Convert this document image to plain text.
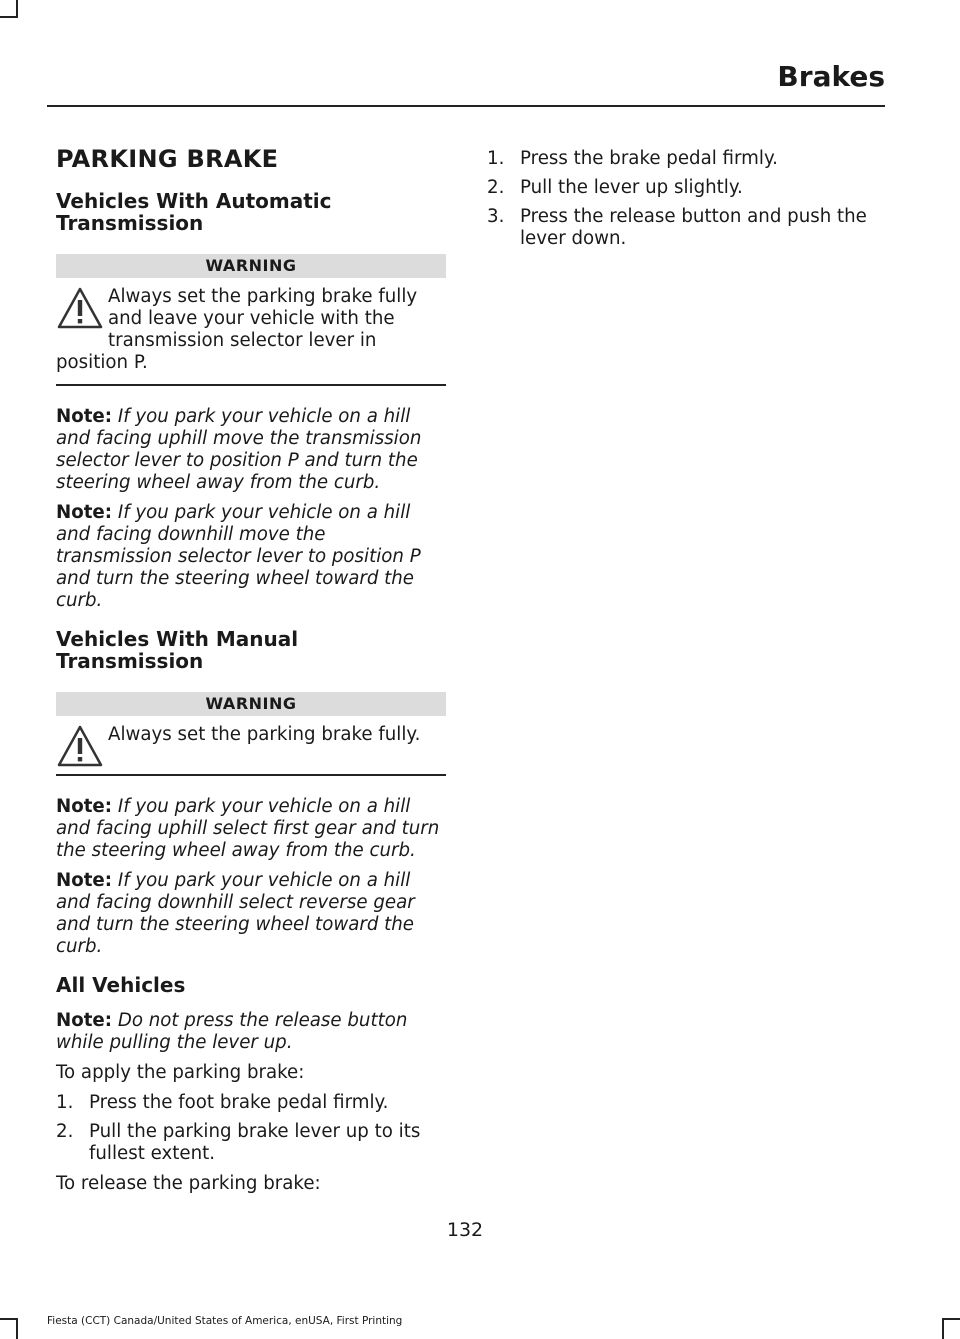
Brakes
PARKING BRAKE
Vehicles With Automatic Transmission
WARNING

Always set the parking brake fully and leave your vehicle with the transmission selector lever in position P.

Note: If you park your vehicle on a hill and facing uphill move the transmission selector lever to position P and turn the steering wheel away from the curb.

Note: If you park your vehicle on a hill and facing downhill move the transmission selector lever to position P and turn the steering wheel toward the curb.

Vehicles With Manual Transmission
WARNING

Always set the parking brake fully.

Note: If you park your vehicle on a hill and facing uphill select first gear and turn the steering wheel away from the curb.

Note: If you park your vehicle on a hill and facing downhill select reverse gear and turn the steering wheel toward the curb.

All Vehicles

Note: Do not press the release button while pulling the lever up.

To apply the parking brake:

1. Press the foot brake pedal firmly.
2. Pull the parking brake lever up to its fullest extent.

To release the parking brake:

1. Press the brake pedal firmly.
2. Pull the lever up slightly.
3. Press the release button and push the lever down.
132
Fiesta (CCT) Canada/United States of America, enUSA, First Printing
